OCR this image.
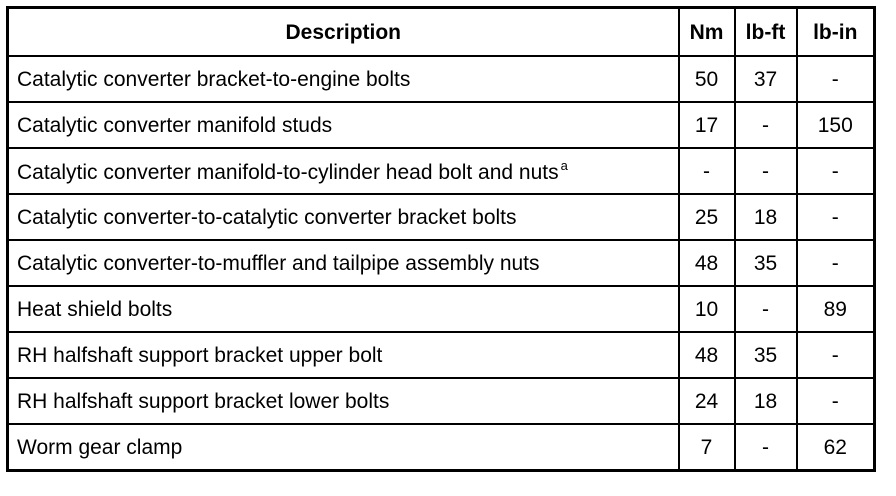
Description	Nm	lb-ft	lb-in
Catalytic converter bracket-to-engine bolts	50	37	-
Catalytic converter manifold studs	17	-	150
Catalytic converter manifold-to-cylinder head bolt and nuts $^a$	-	-	-
Catalytic converter-to-catalytic converter bracket bolts	25	18	-
Catalytic converter-to-muffler and tailpipe assembly nuts	48	35	-
Heat shield bolts	10	-	89
RH halfshaft support bracket upper bolt	48	35	-
RH halfshaft support bracket lower bolts	24	18	-
Worm gear clamp	7	-	62
